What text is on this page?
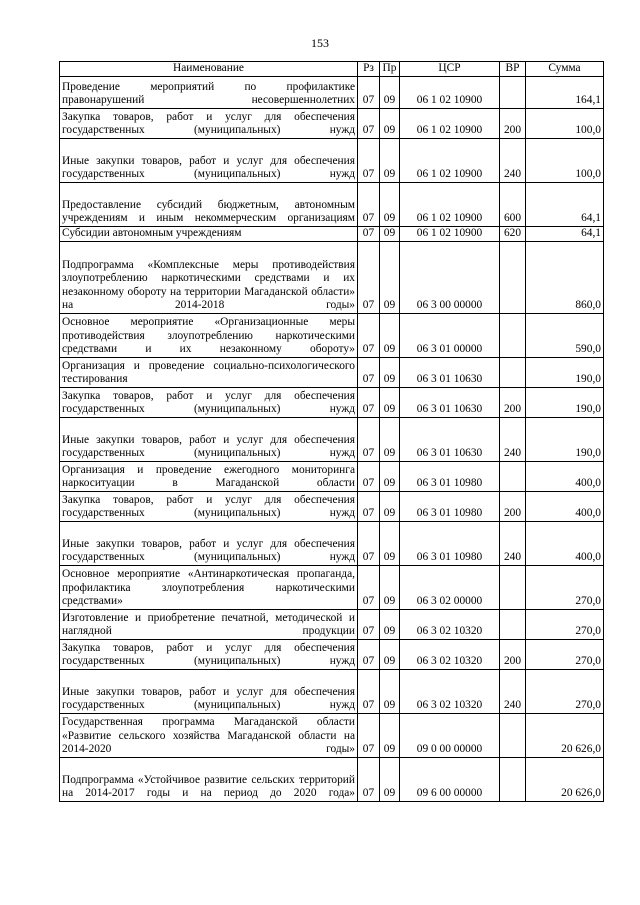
153
Наименование	Рз	Пр	ЦСР	ВР	Сумма
Проведение мероприятий по профилактике правонарушений несовершеннолетних	07	09	06 1 02 10900		164,1
Закупка товаров, работ и услуг для обеспечения государственных (муниципальных) нужд	07	09	06 1 02 10900	200	100,0
Иные закупки товаров, работ и услуг для обеспечения государственных (муниципальных) нужд	07	09	06 1 02 10900	240	100,0
Предоставление субсидий бюджетным, автономным учреждениям и иным некоммерческим организациям	07	09	06 1 02 10900	600	64,1
Субсидии автономным учреждениям	07	09	06 1 02 10900	620	64,1
Подпрограмма «Комплексные меры противодействия злоупотреблению наркотическими средствами и их незаконному обороту на территории Магаданской области» на 2014-2018 годы»	07	09	06 3 00 00000		860,0
Основное мероприятие «Организационные меры противодействия злоупотреблению наркотическими средствами и их незаконному обороту»	07	09	06 3 01 00000		590,0
Организация и проведение социально-психологического тестирования	07	09	06 3 01 10630		190,0
Закупка товаров, работ и услуг для обеспечения государственных (муниципальных) нужд	07	09	06 3 01 10630	200	190,0
Иные закупки товаров, работ и услуг для обеспечения государственных (муниципальных) нужд	07	09	06 3 01 10630	240	190,0
Организация и проведение ежегодного мониторинга наркоситуации в Магаданской области	07	09	06 3 01 10980		400,0
Закупка товаров, работ и услуг для обеспечения государственных (муниципальных) нужд	07	09	06 3 01 10980	200	400,0
Иные закупки товаров, работ и услуг для обеспечения государственных (муниципальных) нужд	07	09	06 3 01 10980	240	400,0
Основное мероприятие «Антинаркотическая пропаганда, профилактика злоупотребления наркотическими средствами»	07	09	06 3 02 00000		270,0
Изготовление и приобретение печатной, методической и наглядной продукции	07	09	06 3 02 10320		270,0
Закупка товаров, работ и услуг для обеспечения государственных (муниципальных) нужд	07	09	06 3 02 10320	200	270,0
Иные закупки товаров, работ и услуг для обеспечения государственных (муниципальных) нужд	07	09	06 3 02 10320	240	270,0
Государственная программа Магаданской области «Развитие сельского хозяйства Магаданской области на 2014-2020 годы»	07	09	09 0 00 00000		20 626,0
Подпрограмма «Устойчивое развитие сельских территорий на 2014-2017 годы и на период до 2020 года»	07	09	09 6 00 00000		20 626,0
